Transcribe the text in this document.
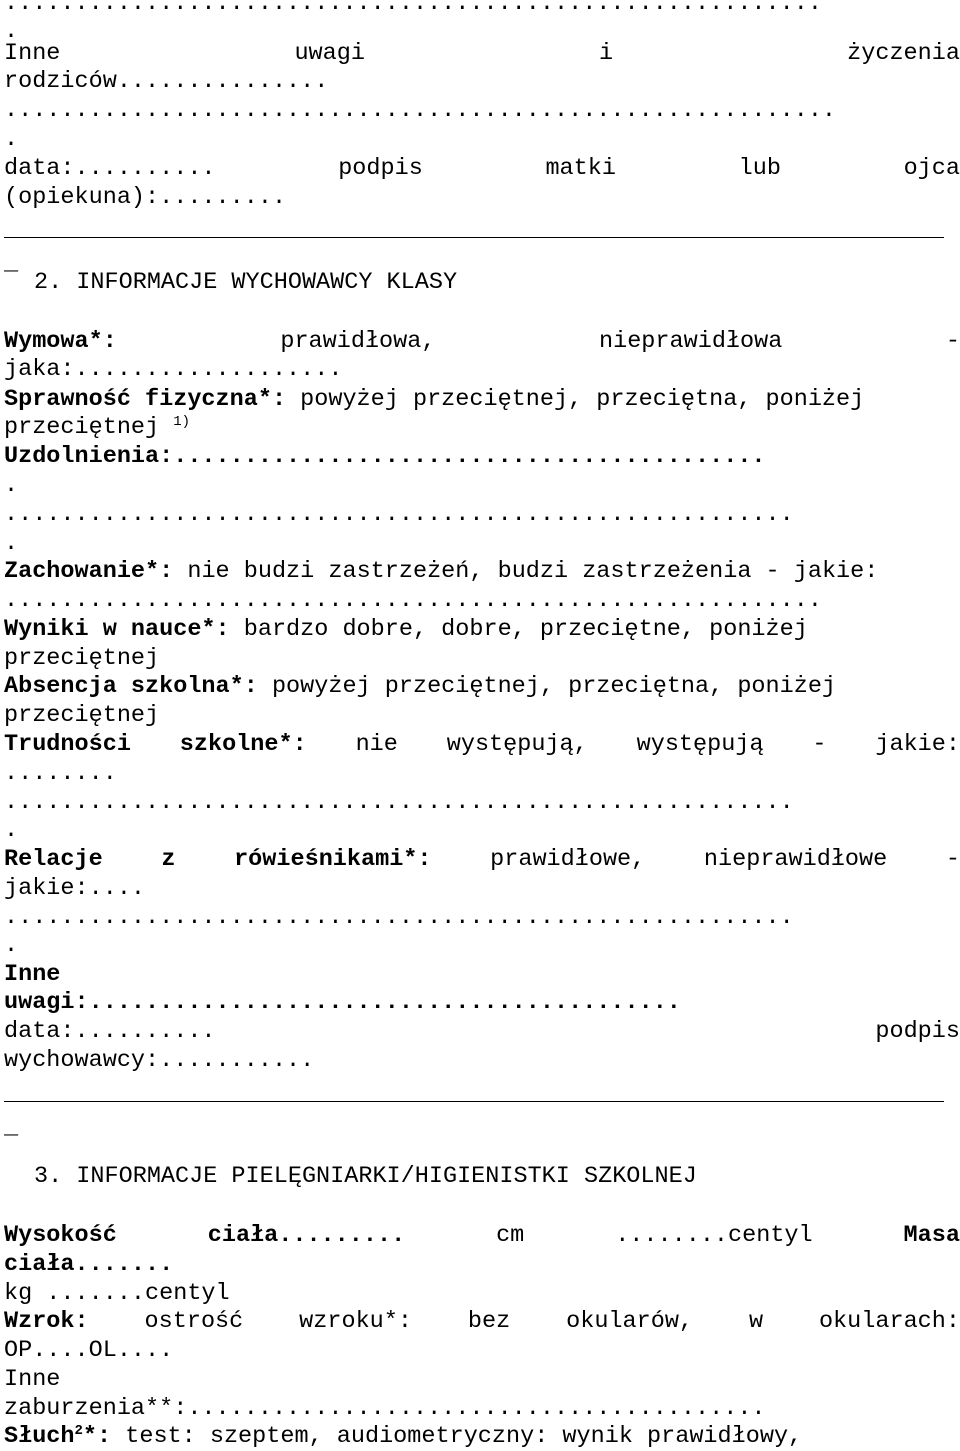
..........................................................
.
Inne	uwagi	i	życzenia
rodziców...............
...........................................................
.
data:..........	podpis	matki	lub	ojca
(opiekuna):.........
_
2. INFORMACJE WYCHOWAWCY KLASY
Wymowa*:	prawidłowa,	nieprawidłowa	-
jaka:...................
Sprawność fizyczna*: powyżej przeciętnej, przeciętna, poniżej
przeciętnej $^{1)}$
Uzdolnienia:..........................................
.
........................................................
.
Zachowanie*: nie budzi zastrzeżeń, budzi zastrzeżenia - jakie:
..........................................................
Wyniki w nauce*: bardzo dobre, dobre, przeciętne, poniżej
przeciętnej
Absencja szkolna*: powyżej przeciętnej, przeciętna, poniżej
przeciętnej
Trudności szkolne*: nie występują, występują - jakie:
........
........................................................
.
Relacje z rówieśnikami*: prawidłowe, nieprawidłowe -
jakie:....
........................................................
.
Inne
uwagi:..........................................
data:..........	podpis
wychowawcy:...........
_
3. INFORMACJE PIELĘGNIARKI/HIGIENISTKI SZKOLNEJ
Wysokość	ciała.........	cm	........centyl	Masa
ciała.......
kg .......centyl
Wzrok: ostrość wzroku*: bez okularów, w okularach:
OP....OL....
Inne
zaburzenia**:.........................................
Słuch$^2$*: test: szeptem, audiometryczny: wynik prawidłowy,
